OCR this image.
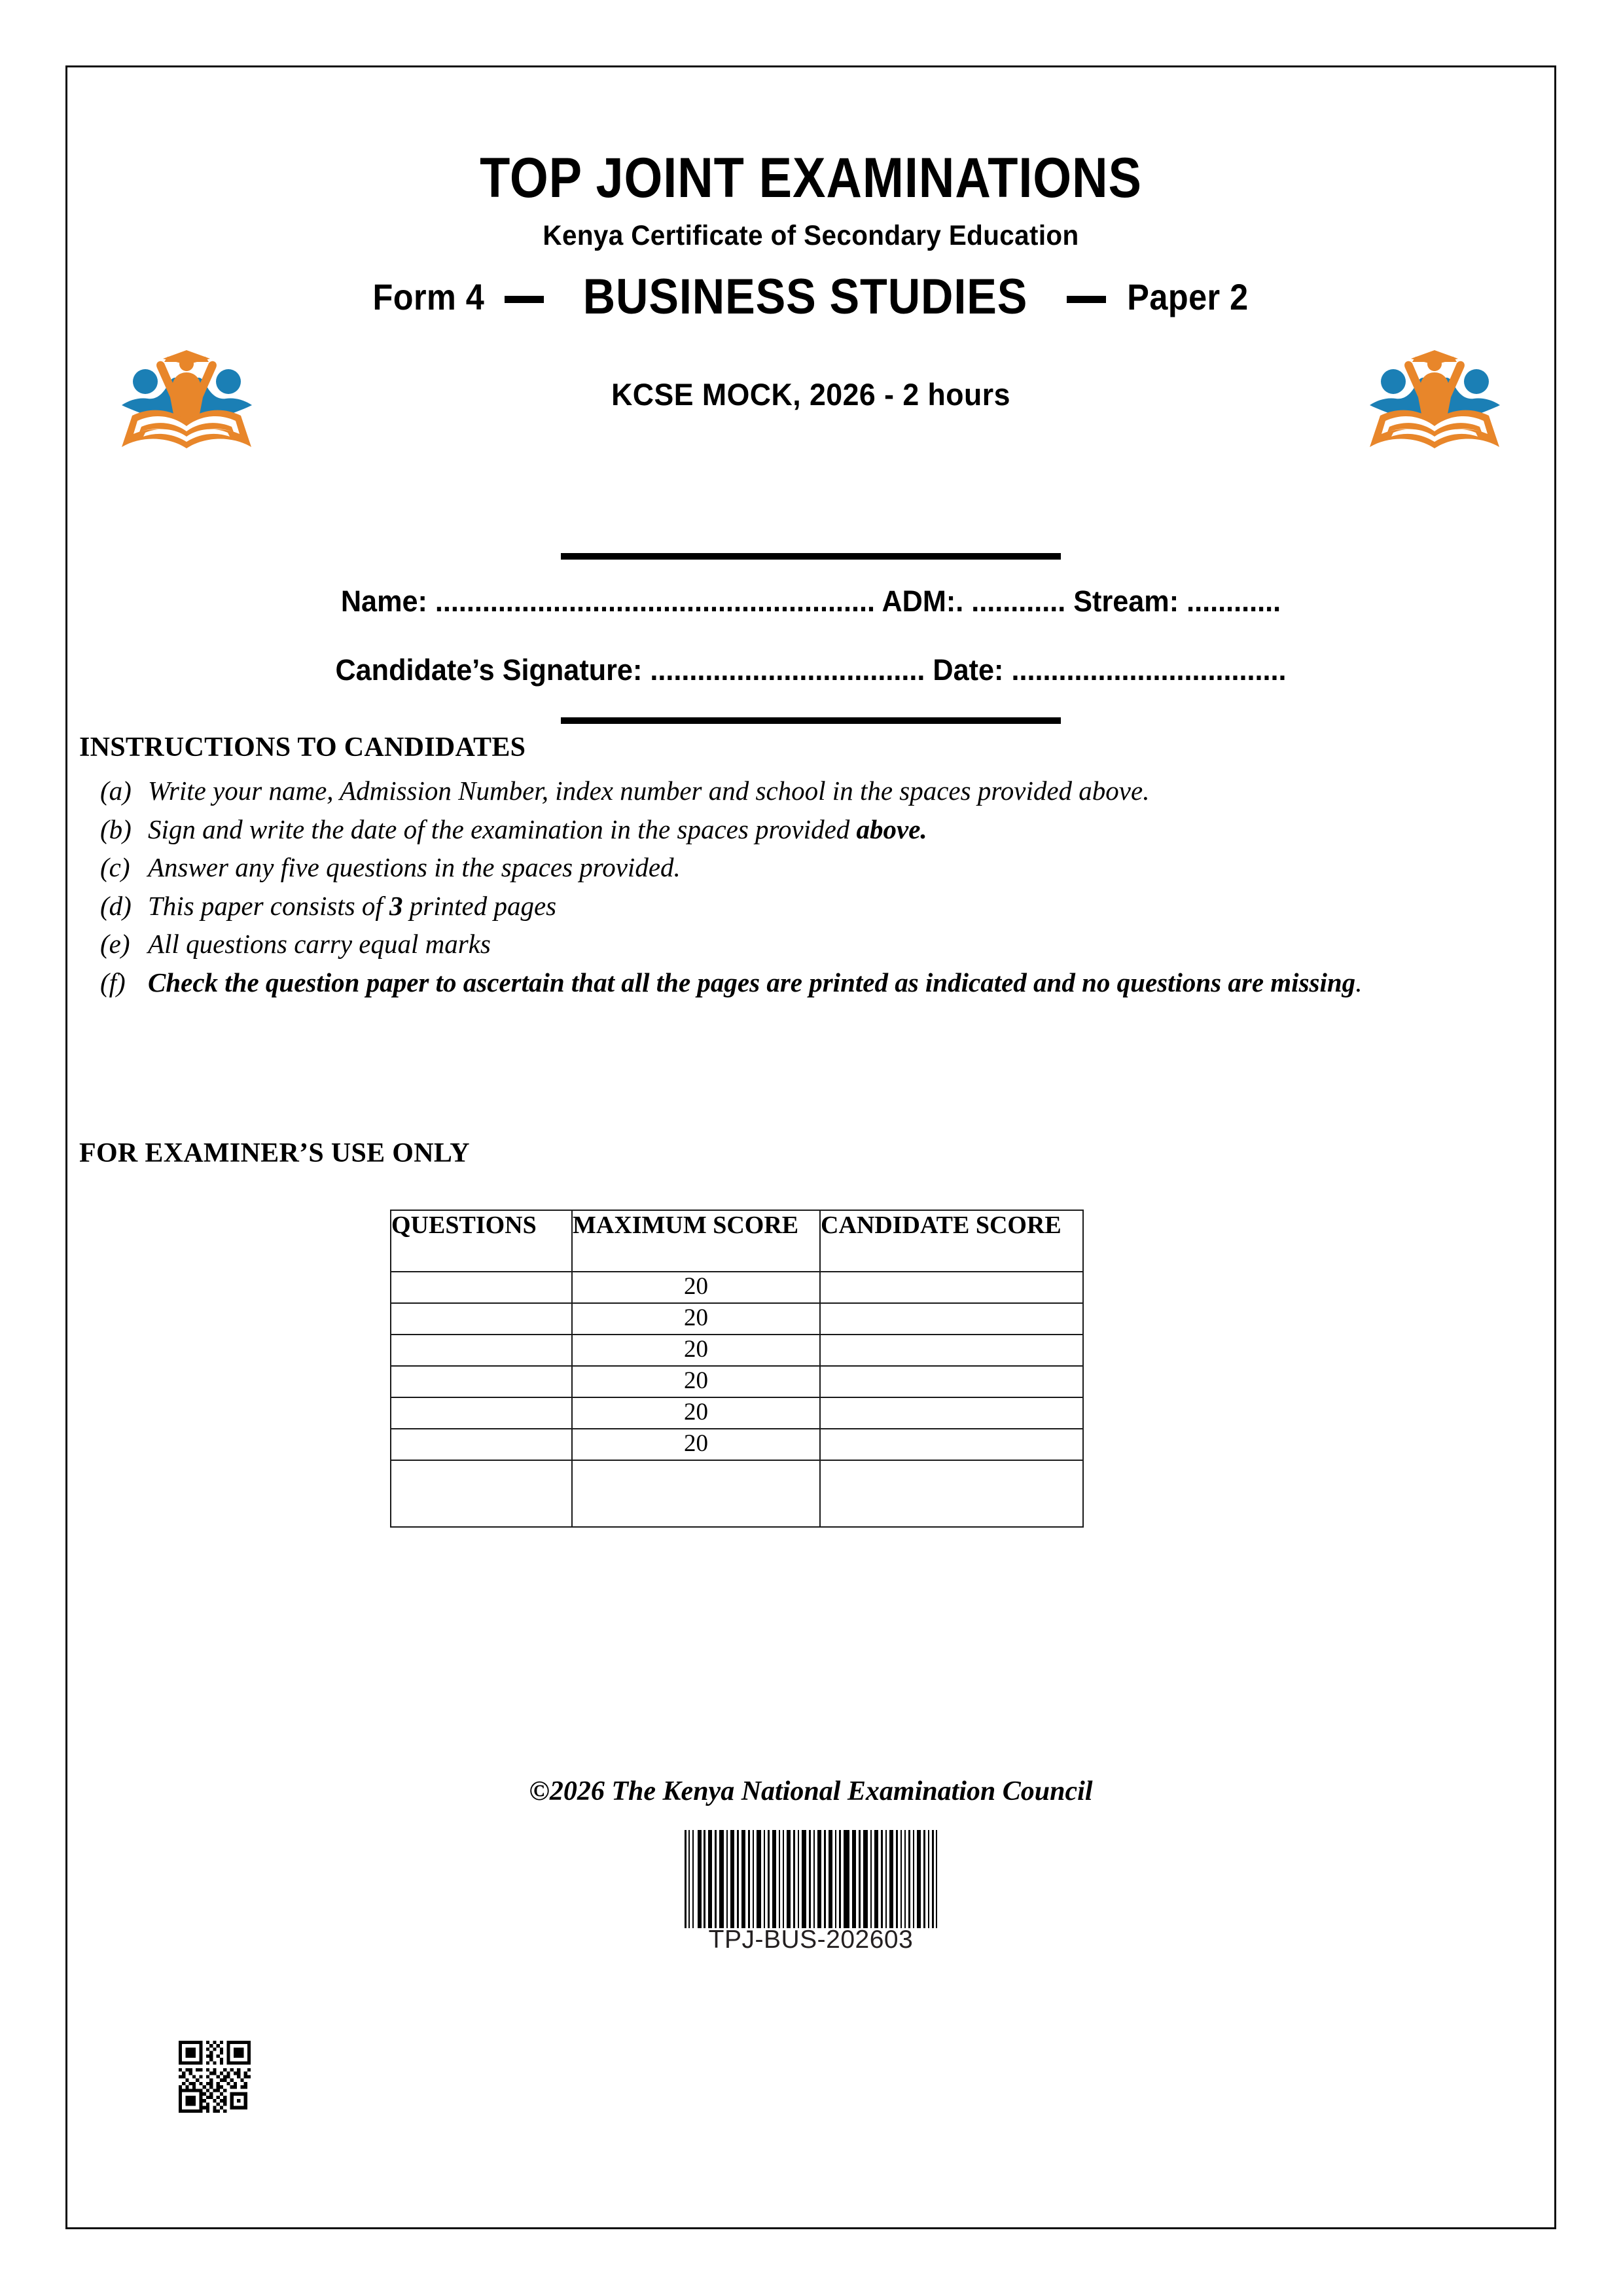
TOP JOINT EXAMINATIONS
Kenya Certificate of Secondary Education
Form 4 BUSINESS STUDIES	Paper 2
KCSE MOCK, 2026 - 2 hours
Name: ........................................................ ADM:. ............ Stream: ............
Candidate’s Signature: ................................... Date: ...................................
INSTRUCTIONS TO CANDIDATES
(a) Write your name, Admission Number, index number and school in the spaces provided above.
(b) Sign and write the date of the examination in the spaces provided above.
(c) Answer any five questions in the spaces provided.
(d) This paper consists of 3 printed pages
(e) All questions carry equal marks
(f) Check the question paper to ascertain that all the pages are printed as indicated and no questions are missing.
FOR EXAMINER’S USE ONLY
QUESTIONS	MAXIMUM SCORE	CANDIDATE SCORE
	20	
	20	
	20	
	20	
	20	
	20	

©2026 The Kenya National Examination Council
TPJ-BUS-202603
